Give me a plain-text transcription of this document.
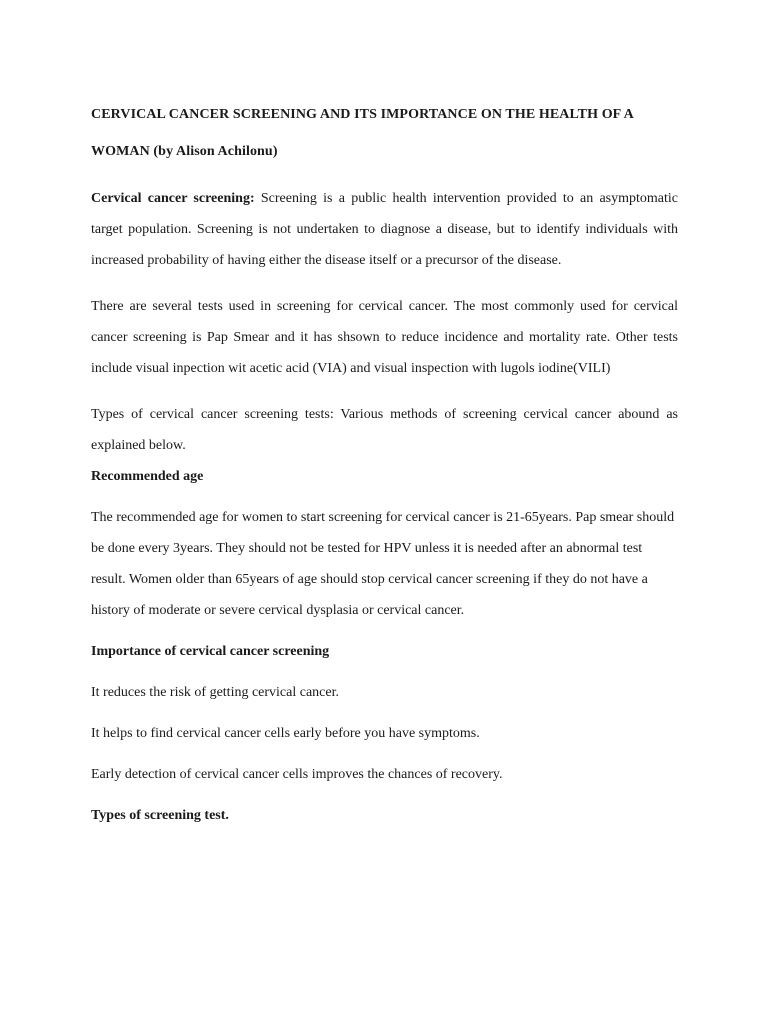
CERVICAL CANCER SCREENING AND ITS IMPORTANCE ON THE HEALTH OF A WOMAN (by Alison Achilonu)

Cervical cancer screening: Screening is a public health intervention provided to an asymptomatic target population. Screening is not undertaken to diagnose a disease, but to identify individuals with increased probability of having either the disease itself or a precursor of the disease.

There are several tests used in screening for cervical cancer. The most commonly used for cervical cancer screening is Pap Smear and it has shsown to reduce incidence and mortality rate. Other tests include visual inpection wit acetic acid (VIA) and visual inspection with lugols iodine(VILI)

Types of cervical cancer screening tests: Various methods of screening cervical cancer abound as explained below.

Recommended age

The recommended age for women to start screening for cervical cancer is 21-65years. Pap smear should be done every 3years. They should not be tested for HPV unless it is needed after an abnormal test result. Women older than 65years of age should stop cervical cancer screening if they do not have a history of moderate or severe cervical dysplasia or cervical cancer.

Importance of cervical cancer screening

It reduces the risk of getting cervical cancer.

It helps to find cervical cancer cells early before you have symptoms.

Early detection of cervical cancer cells improves the chances of recovery.

Types of screening test.
